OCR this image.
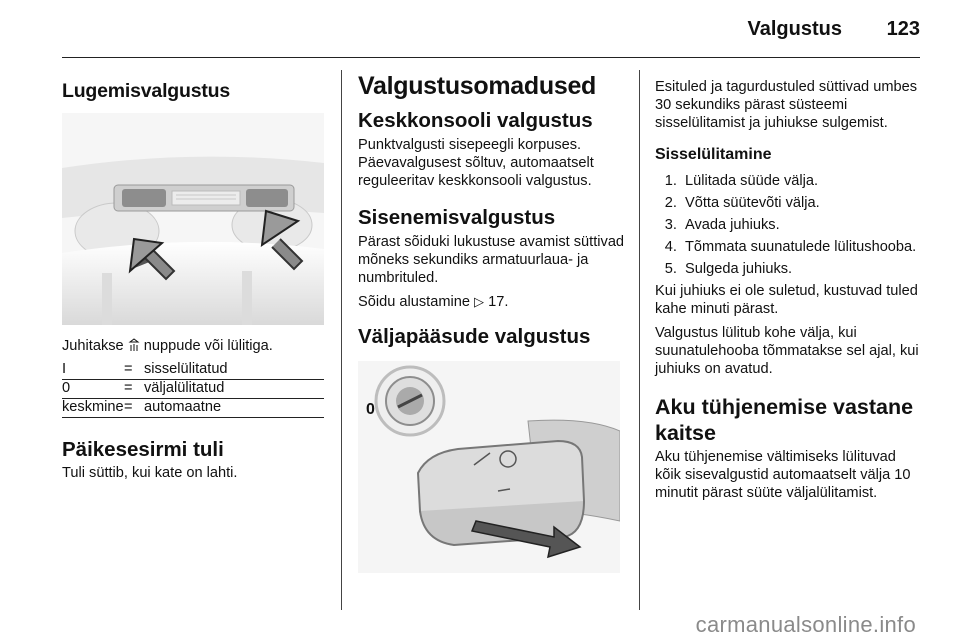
Valgustus 123
Lugemisvalgustus

Juhitakse nuppude või lülitiga.

I	= sisselülitatud
0	= väljalülitatud
keskmine = automaatne
Päikesesirmi tuli

Tuli süttib, kui kate on lahti.

Valgustusomadused
Keskkonsooli valgustus

Punktvalgusti sisepeegli korpuses. Päevavalgusest sõltuv, automaatselt reguleeritav keskkonsooli valgustus.

Sisenemisvalgustus

Pärast sõiduki lukustuse avamist süttivad mõneks sekundiks armatuurlaua- ja numbrituled.

Sõidu alustamine ▷ 17.

Väljapääsude valgustus
0

Esituled ja tagurdustuled süttivad umbes 30 sekundiks pärast süsteemi sisselülitamist ja juhiukse sulgemist.

Sisselülitamine
1. Lülitada süüde välja.
2. Võtta süütevõti välja.
3. Avada juhiuks.
4. Tõmmata suunatulede lülitushooba.
5. Sulgeda juhiuks.

Kui juhiuks ei ole suletud, kustuvad tuled kahe minuti pärast.

Valgustus lülitub kohe välja, kui suunatulehooba tõmmatakse sel ajal, kui juhiuks on avatud.

Aku tühjenemise vastane kaitse

Aku tühjenemise vältimiseks lülituvad kõik sisevalgustid automaatselt välja 10 minutit pärast süüte väljalülitamist.

carmanualsonline.info
